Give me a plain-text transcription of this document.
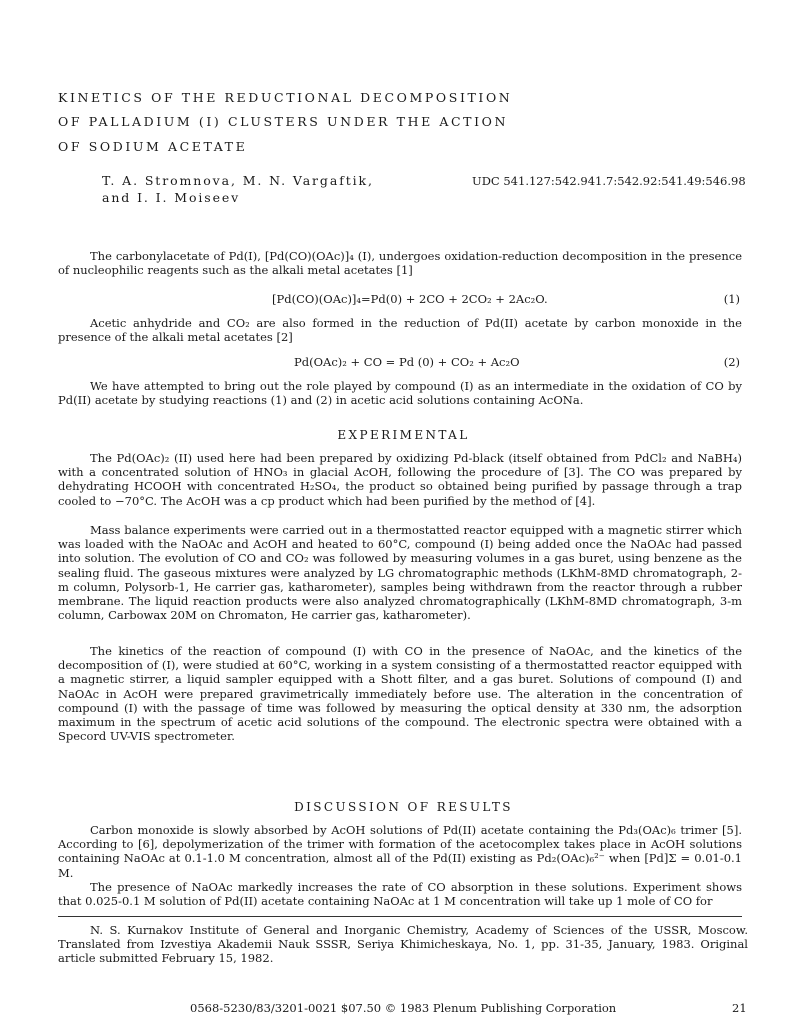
KINETICS OF THE REDUCTIONAL DECOMPOSITION
OF PALLADIUM (I) CLUSTERS UNDER THE ACTION
OF SODIUM ACETATE
T. A. Stromnova, M. N. Vargaftik,
and I. I. Moiseev
UDC 541.127:542.941.7:542.92:541.49:546.98
The carbonylacetate of Pd(I), [Pd(CO)(OAc)]₄ (I), undergoes oxidation-reduction decomposition in the presence of nucleophilic reagents such as the alkali metal acetates [1]
[Pd(CO)(OAc)]₄=Pd(0) + 2CO + 2CO₂ + 2Ac₂O.	(1)
Acetic anhydride and CO₂ are also formed in the reduction of Pd(II) acetate by carbon monoxide in the presence of the alkali metal acetates [2]
Pd(OAc)₂ + CO = Pd (0) + CO₂ + Ac₂O	(2)
We have attempted to bring out the role played by compound (I) as an intermediate in the oxidation of CO by Pd(II) acetate by studying reactions (1) and (2) in acetic acid solutions containing AcONa.
EXPERIMENTAL
The Pd(OAc)₂ (II) used here had been prepared by oxidizing Pd-black (itself obtained from PdCl₂ and NaBH₄) with a concentrated solution of HNO₃ in glacial AcOH, following the procedure of [3]. The CO was prepared by dehydrating HCOOH with concentrated H₂SO₄, the product so obtained being purified by passage through a trap cooled to −70°C. The AcOH was a cp product which had been purified by the method of [4].
Mass balance experiments were carried out in a thermostatted reactor equipped with a magnetic stirrer which was loaded with the NaOAc and AcOH and heated to 60°C, compound (I) being added once the NaOAc had passed into solution. The evolution of CO and CO₂ was followed by measuring volumes in a gas buret, using benzene as the sealing fluid. The gaseous mixtures were analyzed by LG chromatographic methods (LKhM-8MD chromatograph, 2-m column, Polysorb-1, He carrier gas, katharometer), samples being withdrawn from the reactor through a rubber membrane. The liquid reaction products were also analyzed chromatographically (LKhM-8MD chromatograph, 3-m column, Carbowax 20M on Chromaton, He carrier gas, katharometer).
The kinetics of the reaction of compound (I) with CO in the presence of NaOAc, and the kinetics of the decomposition of (I), were studied at 60°C, working in a system consisting of a thermostatted reactor equipped with a magnetic stirrer, a liquid sampler equipped with a Shott filter, and a gas buret. Solutions of compound (I) and NaOAc in AcOH were prepared gravimetrically immediately before use. The alteration in the concentration of compound (I) with the passage of time was followed by measuring the optical density at 330 nm, the adsorption maximum in the spectrum of acetic acid solutions of the compound. The electronic spectra were obtained with a Specord UV-VIS spectrometer.
DISCUSSION OF RESULTS
Carbon monoxide is slowly absorbed by AcOH solutions of Pd(II) acetate containing the Pd₃(OAc)₆ trimer [5]. According to [6], depolymerization of the trimer with formation of the acetocomplex takes place in AcOH solutions containing NaOAc at 0.1-1.0 M concentration, almost all of the Pd(II) existing as Pd₂(OAc)₆²⁻ when [Pd]Σ = 0.01-0.1 M.
The presence of NaOAc markedly increases the rate of CO absorption in these solutions. Experiment shows that 0.025-0.1 M solution of Pd(II) acetate containing NaOAc at 1 M concentration will take up 1 mole of CO for
N. S. Kurnakov Institute of General and Inorganic Chemistry, Academy of Sciences of the USSR, Moscow. Translated from Izvestiya Akademii Nauk SSSR, Seriya Khimicheskaya, No. 1, pp. 31-35, January, 1983. Original article submitted February 15, 1982.
0568-5230/83/3201-0021 $07.50 © 1983 Plenum Publishing Corporation	21
